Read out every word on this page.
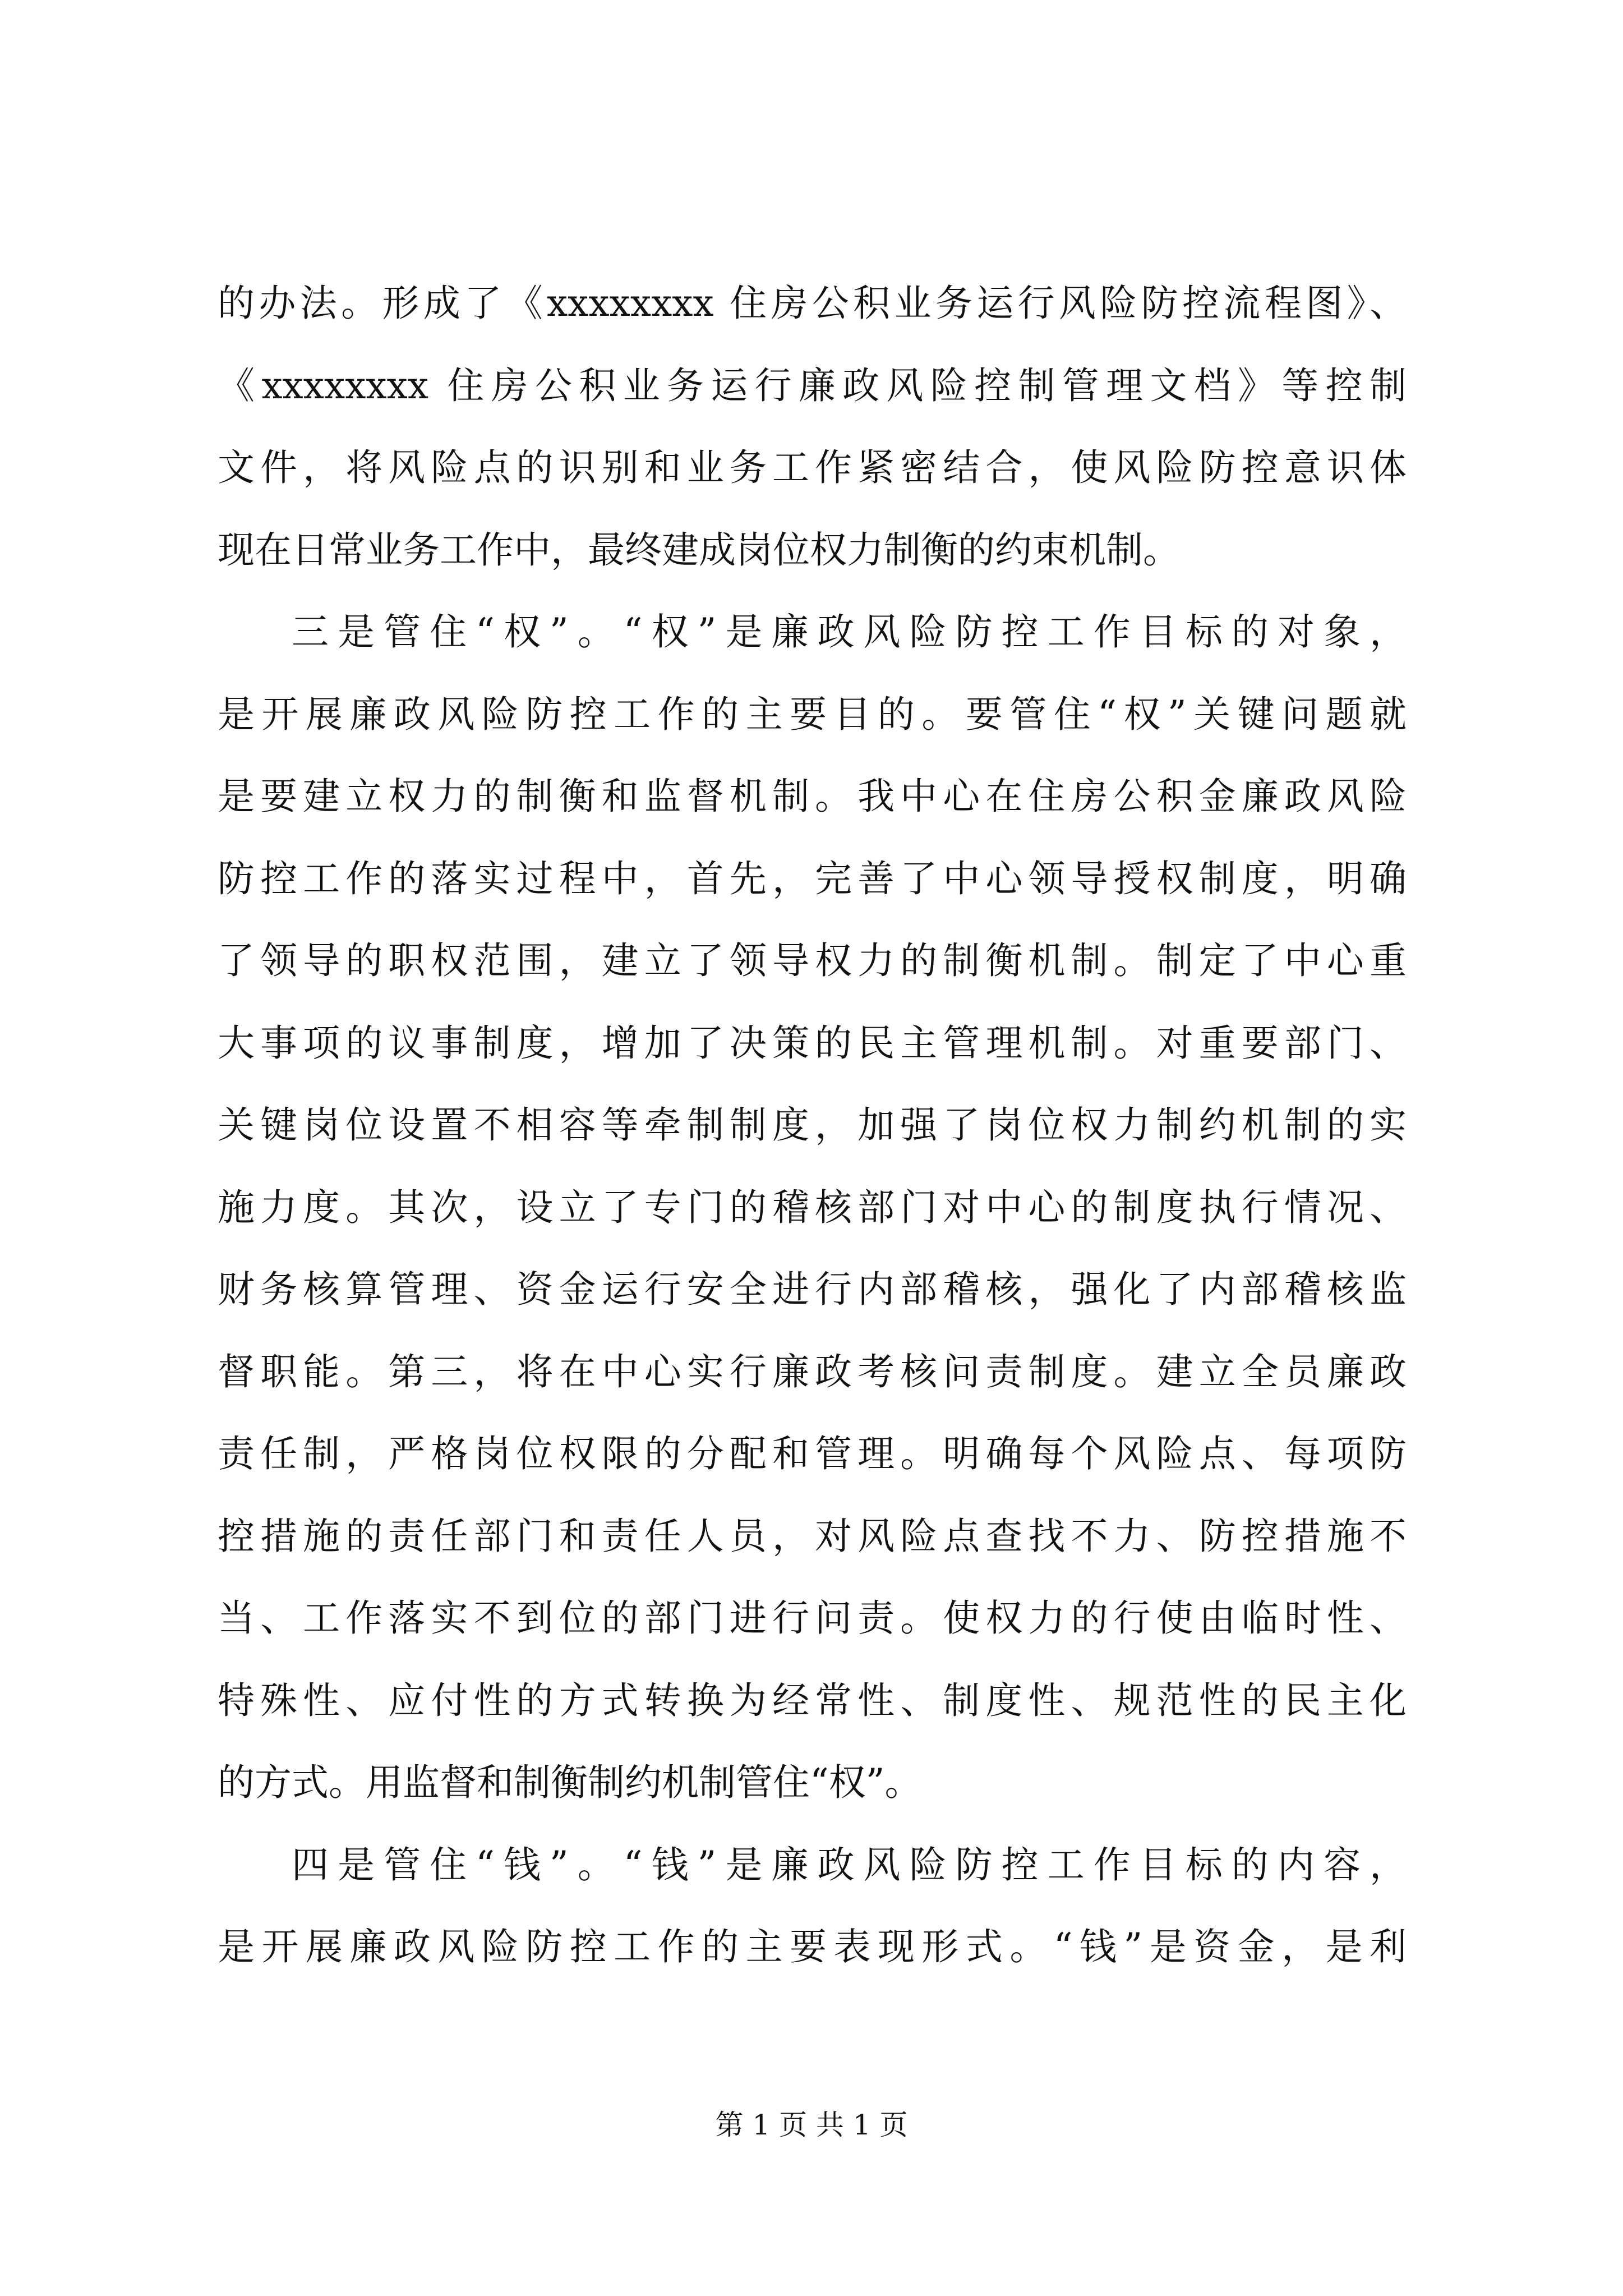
的办法。形成了《xxxxxxxx 住房公积业务运行风险防控流程图》、
《xxxxxxxx 住房公积业务运行廉政风险控制管理文档》等控制
文件，将风险点的识别和业务工作紧密结合，使风险防控意识体
现在日常业务工作中，最终建成岗位权力制衡的约束机制。
三是管住“权”。“权”是廉政风险防控工作目标的对象，
是开展廉政风险防控工作的主要目的。要管住“权”关键问题就
是要建立权力的制衡和监督机制。我中心在住房公积金廉政风险
防控工作的落实过程中，首先，完善了中心领导授权制度，明确
了领导的职权范围，建立了领导权力的制衡机制。制定了中心重
大事项的议事制度，增加了决策的民主管理机制。对重要部门、
关键岗位设置不相容等牵制制度，加强了岗位权力制约机制的实
施力度。其次，设立了专门的稽核部门对中心的制度执行情况、
财务核算管理、资金运行安全进行内部稽核，强化了内部稽核监
督职能。第三，将在中心实行廉政考核问责制度。建立全员廉政
责任制，严格岗位权限的分配和管理。明确每个风险点、每项防
控措施的责任部门和责任人员，对风险点查找不力、防控措施不
当、工作落实不到位的部门进行问责。使权力的行使由临时性、
特殊性、应付性的方式转换为经常性、制度性、规范性的民主化
的方式。用监督和制衡制约机制管住“权”。
四是管住“钱”。“钱”是廉政风险防控工作目标的内容，
是开展廉政风险防控工作的主要表现形式。“钱”是资金，是利
第 1 页 共 1 页
